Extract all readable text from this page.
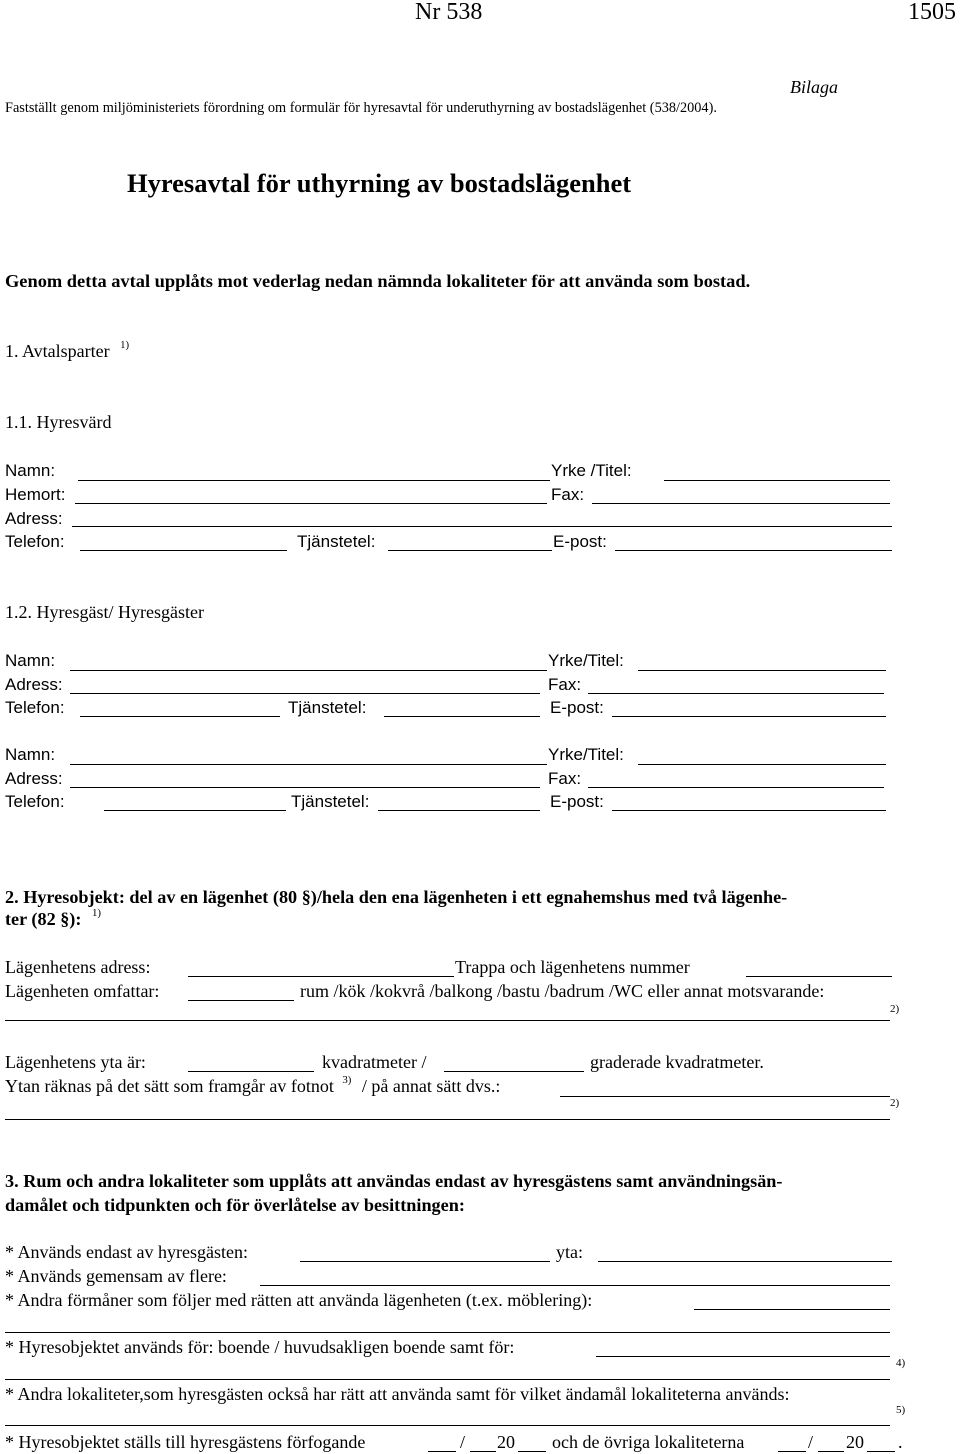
Nr 538	1505
Bilaga
Fastställt genom miljöministeriets förordning om formulär för hyresavtal för underuthyrning av bostadslägenhet (538/2004).
Hyresavtal för uthyrning av bostadslägenhet
Genom detta avtal upplåts mot vederlag nedan nämnda lokaliteter för att använda som bostad.
1. Avtalsparter $^{1)}$
1.1. Hyresvärd
Namn:	Yrke /Titel:
Hemort:	Fax:
Adress:
Telefon:	Tjänstetel:	E-post:
1.2. Hyresgäst/ Hyresgäster
Namn:	Yrke/Titel:
Adress:	Fax:
Telefon:	Tjänstetel:	E-post:
Namn:	Yrke/Titel:
Adress:	Fax:
Telefon:	Tjänstetel:	E-post:
2. Hyresobjekt: del av en lägenhet (80 §)/hela den ena lägenheten i ett egnahemshus med två lägenhe-
ter (82 §): $^{1)}$
Lägenhetens adress:	Trappa och lägenhetens nummer
Lägenheten omfattar:	rum /kök /kokvrå /balkong /bastu /badrum /WC eller annat motsvarande:
2)
Lägenhetens yta är:	kvadratmeter /	graderade kvadratmeter.
Ytan räknas på det sätt som framgår av fotnot $^{3)}$ / på annat sätt dvs.:
2)
3. Rum och andra lokaliteter som upplåts att användas endast av hyresgästens samt användningsän-
damålet och tidpunkten och för överlåtelse av besittningen:
* Används endast av hyresgästen:	yta:
* Används gemensam av flere:
* Andra förmåner som följer med rätten att använda lägenheten (t.ex. möblering):
* Hyresobjektet används för: boende / huvudsakligen boende samt för:
4)
* Andra lokaliteter,som hyresgästen också har rätt att använda samt för vilket ändamål lokaliteterna används:
5)
* Hyresobjektet ställs till hyresgästens förfogande	/ 20 och de övriga lokaliteterna	/ 20 .
